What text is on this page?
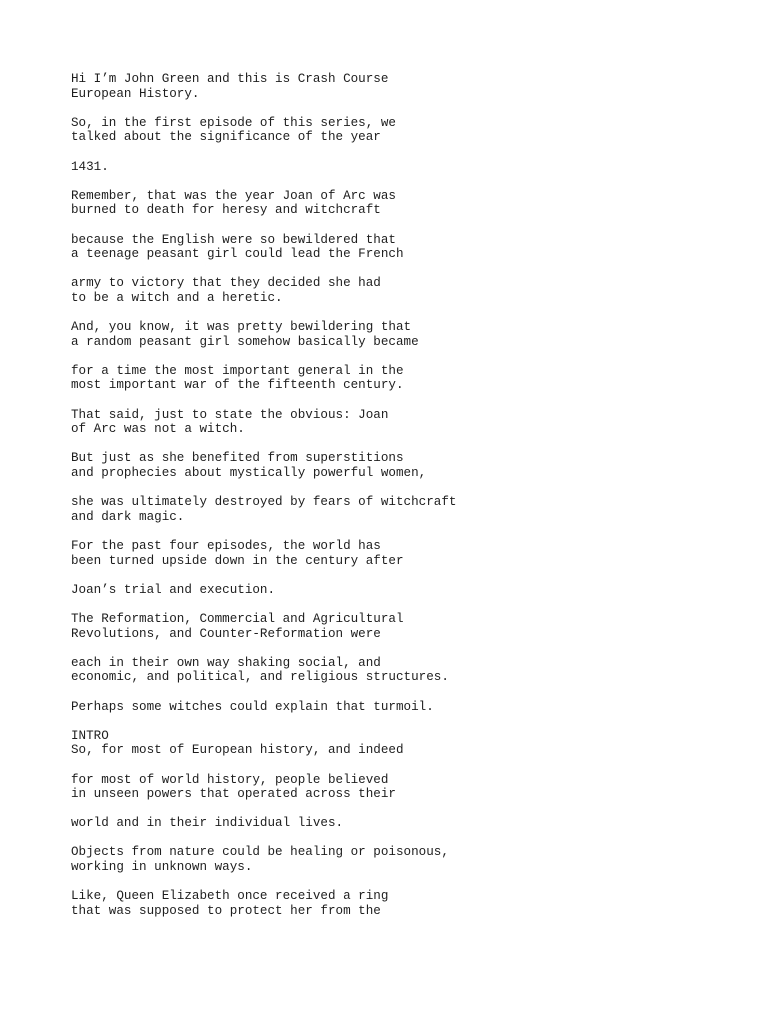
Hi I’m John Green and this is Crash Course
European History.
So, in the first episode of this series, we
talked about the significance of the year
1431.
Remember, that was the year Joan of Arc was
burned to death for heresy and witchcraft
because the English were so bewildered that
a teenage peasant girl could lead the French
army to victory that they decided she had
to be a witch and a heretic.
And, you know, it was pretty bewildering that
a random peasant girl somehow basically became
for a time the most important general in the
most important war of the fifteenth century.
That said, just to state the obvious: Joan
of Arc was not a witch.
But just as she benefited from superstitions
and prophecies about mystically powerful women,
she was ultimately destroyed by fears of witchcraft
and dark magic.
For the past four episodes, the world has
been turned upside down in the century after
Joan’s trial and execution.
The Reformation, Commercial and Agricultural
Revolutions, and Counter-Reformation were
each in their own way shaking social, and
economic, and political, and religious structures.
Perhaps some witches could explain that turmoil.
INTRO
So, for most of European history, and indeed
for most of world history, people believed
in unseen powers that operated across their
world and in their individual lives.
Objects from nature could be healing or poisonous,
working in unknown ways.
Like, Queen Elizabeth once received a ring
that was supposed to protect her from the
